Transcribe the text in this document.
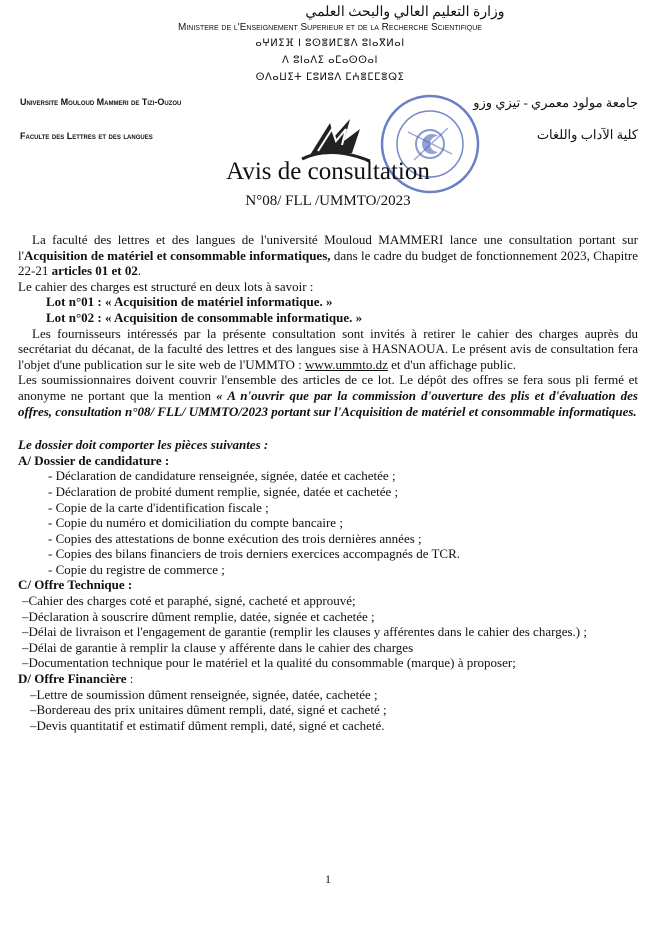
وزارة التعليم العالي والبحث العلمي
Ministere de l'Enseignement Superieur et de la Recherche Scientifique
ⴰⵖⵍⵉⴼ ⵏ ⵓⵙⴻⵍⵎⴻⴷ ⵓⵏⴰⴳⵍⴰⵏ
ⴷ ⵓⵏⴰⴷⵉ ⴰⵎⴰⵙⵙⴰⵏ
ⵙⴷⴰⵡⵉⵜ ⵎⵓⵍⵓⴷ ⵎⵄⴻⵎⵎⴻⵕⵉ
Universite Mouloud Mammeri de Tizi-Ouzou	جامعة مولود معمري - تيزي وزو
Faculte des Lettres et des langues	كلية الآداب واللغات
Avis de consultation
N°08/ FLL /UMMTO/2023

La faculté des lettres et des langues de l'université Mouloud MAMMERI lance une consultation portant sur l'Acquisition de matériel et consommable informatiques, dans le cadre du budget de fonctionnement 2023, Chapitre 22-21 articles 01 et 02.

Le cahier des charges est structuré en deux lots à savoir :

Lot n°01 : « Acquisition de matériel informatique. »

Lot n°02 : « Acquisition de consommable informatique. »

Les fournisseurs intéressés par la présente consultation sont invités à retirer le cahier des charges auprès du secrétariat du décanat, de la faculté des lettres et des langues sise à HASNAOUA. Le présent avis de consultation fera l'objet d'une publication sur le site web de l'UMMTO : www.ummto.dz et d'un affichage public.

Les soumissionnaires doivent couvrir l'ensemble des articles de ce lot. Le dépôt des offres se fera sous pli fermé et anonyme ne portant que la mention « A n'ouvrir que par la commission d'ouverture des plis et d'évaluation des offres, consultation n°08/ FLL/ UMMTO/2023 portant sur l'Acquisition de matériel et consommable informatiques.

Le dossier doit comporter les pièces suivantes :

A/ Dossier de candidature :

- Déclaration de candidature renseignée, signée, datée et cachetée ;

- Déclaration de probité dument remplie, signée, datée et cachetée ;

- Copie de la carte d'identification fiscale ;

- Copie du numéro et domiciliation du compte bancaire ;

- Copies des attestations de bonne exécution des trois dernières années ;

- Copies des bilans financiers de trois derniers exercices accompagnés de TCR.

- Copie du registre de commerce ;

C/ Offre Technique :

–Cahier des charges coté et paraphé, signé, cacheté et approuvé;

–Déclaration à souscrire dûment remplie, datée, signée et cachetée ;

–Délai de livraison et l'engagement de garantie (remplir les clauses y afférentes dans le cahier des charges.) ;

–Délai de garantie à remplir la clause y afférente dans le cahier des charges

–Documentation technique pour le matériel et la qualité du consommable (marque) à proposer;

D/ Offre Financière :

–Lettre de soumission dûment renseignée, signée, datée, cachetée ;

–Bordereau des prix unitaires dûment rempli, daté, signé et cacheté ;

–Devis quantitatif et estimatif dûment rempli, daté, signé et cacheté.

1
